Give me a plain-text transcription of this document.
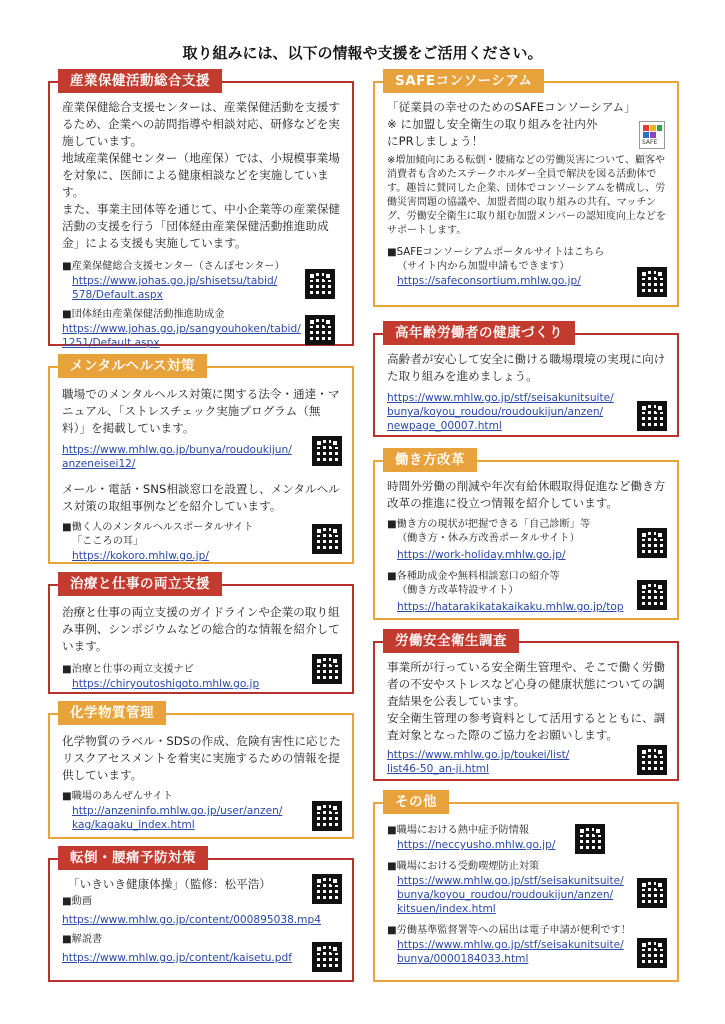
取り組みには、以下の情報や支援をご活用ください。
産業保健活動総合支援
産業保健総合支援センターは、産業保健活動を支援するため、企業への訪問指導や相談対応、研修などを実施しています。
地域産業保健センター（地産保）では、小規模事業場を対象に、医師による健康相談などを実施しています。
また、事業主団体等を通じて、中小企業等の産業保健活動の支援を行う「団体経由産業保健活動推進助成金」による支援も実施しています。
■産業保健総合支援センター（さんぽセンター）
https://www.johas.go.jp/shisetsu/tabid/
578/Default.aspx
■団体経由産業保健活動推進助成金
https://www.johas.go.jp/sangyouhoken/tabid/
1251/Default.aspx
メンタルヘルス対策
職場でのメンタルヘルス対策に関する法令・通達・マニュアル、「ストレスチェック実施プログラム（無料）」を掲載しています。
https://www.mhlw.go.jp/bunya/roudoukijun/
anzeneisei12/
メール・電話・SNS相談窓口を設置し、メンタルヘルス対策の取組事例などを紹介しています。
■働く人のメンタルヘルスポータルサイト
「こころの耳」
https://kokoro.mhlw.go.jp/
治療と仕事の両立支援
治療と仕事の両立支援のガイドラインや企業の取り組み事例、シンポジウムなどの総合的な情報を紹介しています。
■治療と仕事の両立支援ナビ
https://chiryoutoshigoto.mhlw.go.jp
化学物質管理
化学物質のラベル・SDSの作成、危険有害性に応じたリスクアセスメントを着実に実施するための情報を提供しています。
■職場のあんぜんサイト
http://anzeninfo.mhlw.go.jp/user/anzen/
kag/kagaku_index.html
転倒・腰痛予防対策
「いきいき健康体操」（監修：松平浩）
■動画
https://www.mhlw.go.jp/content/000895038.mp4
■解説書
https://www.mhlw.go.jp/content/kaisetu.pdf
SAFEコンソーシアム
「従業員の幸せのためのSAFEコンソーシアム」
※ に加盟し安全衛生の取り組みを社内外
にPRしましょう！
※増加傾向にある転倒・腰痛などの労働災害について、顧客や消費者も含めたステークホルダー全員で解決を図る活動体です。趣旨に賛同した企業、団体でコンソーシアムを構成し、労働災害問題の協議や、加盟者間の取り組みの共有、マッチング、労働安全衛生に取り組む加盟メンバーの認知度向上などをサポートします。
■SAFEコンソーシアムポータルサイトはこちら
（サイト内から加盟申請もできます）
https://safeconsortium.mhlw.go.jp/
SAFE
高年齢労働者の健康づくり
高齢者が安心して安全に働ける職場環境の実現に向けた取り組みを進めましょう。
https://www.mhlw.go.jp/stf/seisakunitsuite/
bunya/koyou_roudou/roudoukijun/anzen/
newpage_00007.html
働き方改革
時間外労働の削減や年次有給休暇取得促進など働き方改革の推進に役立つ情報を紹介しています。
■働き方の現状が把握できる「自己診断」等
（働き方・休み方改善ポータルサイト）
https://work-holiday.mhlw.go.jp/
■各種助成金や無料相談窓口の紹介等
（働き方改革特設サイト）
https://hatarakikatakaikaku.mhlw.go.jp/top
労働安全衛生調査
事業所が行っている安全衛生管理や、そこで働く労働者の不安やストレスなど心身の健康状態についての調査結果を公表しています。
安全衛生管理の参考資料として活用するとともに、調査対象となった際のご協力をお願いします。
https://www.mhlw.go.jp/toukei/list/
list46-50_an-ji.html
その他
■職場における熱中症予防情報
https://neccyusho.mhlw.go.jp/
■職場における受動喫煙防止対策
https://www.mhlw.go.jp/stf/seisakunitsuite/
bunya/koyou_roudou/roudoukijun/anzen/
kitsuen/index.html
■労働基準監督署等への届出は電子申請が便利です！
https://www.mhlw.go.jp/stf/seisakunitsuite/
bunya/0000184033.html
